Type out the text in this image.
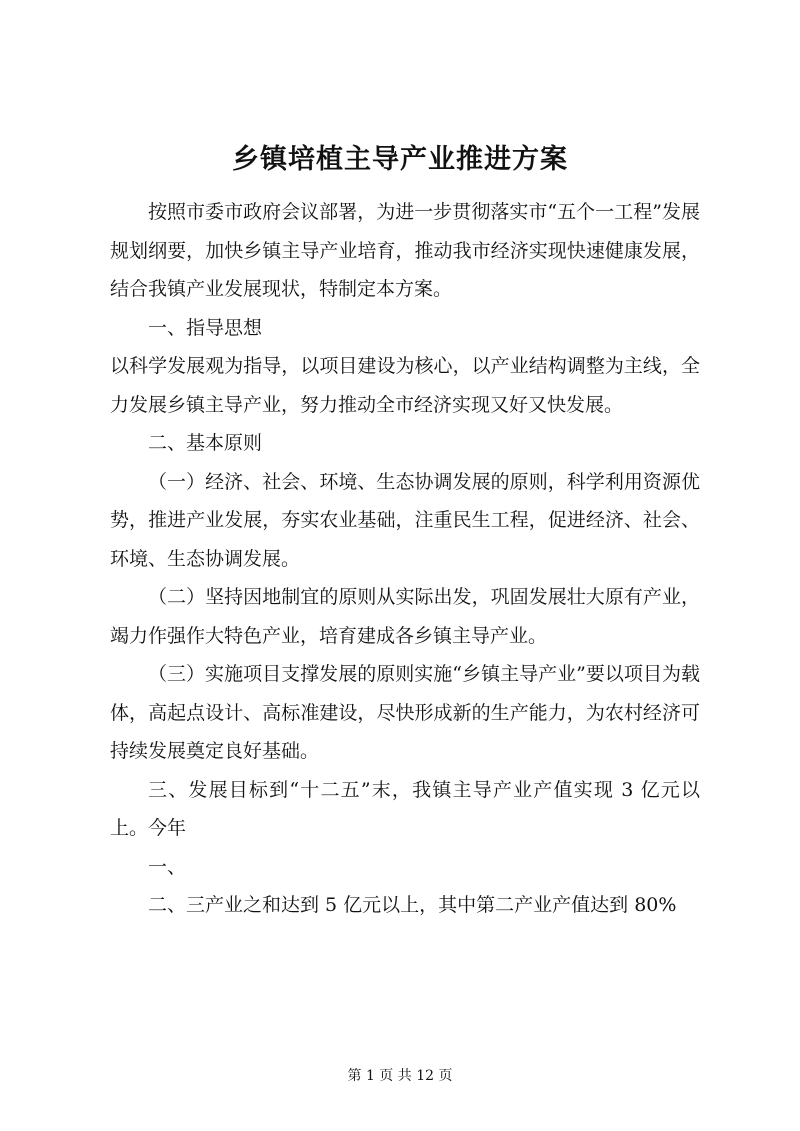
乡镇培植主导产业推进方案

按照市委市政府会议部署，为进一步贯彻落实市“五个一工程”发展规划纲要，加快乡镇主导产业培育，推动我市经济实现快速健康发展，结合我镇产业发展现状，特制定本方案。

一、指导思想

以科学发展观为指导，以项目建设为核心，以产业结构调整为主线，全力发展乡镇主导产业，努力推动全市经济实现又好又快发展。

二、基本原则

（一）经济、社会、环境、生态协调发展的原则，科学利用资源优势，推进产业发展，夯实农业基础，注重民生工程，促进经济、社会、环境、生态协调发展。

（二）坚持因地制宜的原则从实际出发，巩固发展壮大原有产业，竭力作强作大特色产业，培育建成各乡镇主导产业。

（三）实施项目支撑发展的原则实施“乡镇主导产业”要以项目为载体，高起点设计、高标准建设，尽快形成新的生产能力，为农村经济可持续发展奠定良好基础。

三、发展目标到“十二五”末，我镇主导产业产值实现 3 亿元以上。今年

一、

二、三产业之和达到 5 亿元以上，其中第二产业产值达到 80%

第 1 页 共 12 页
